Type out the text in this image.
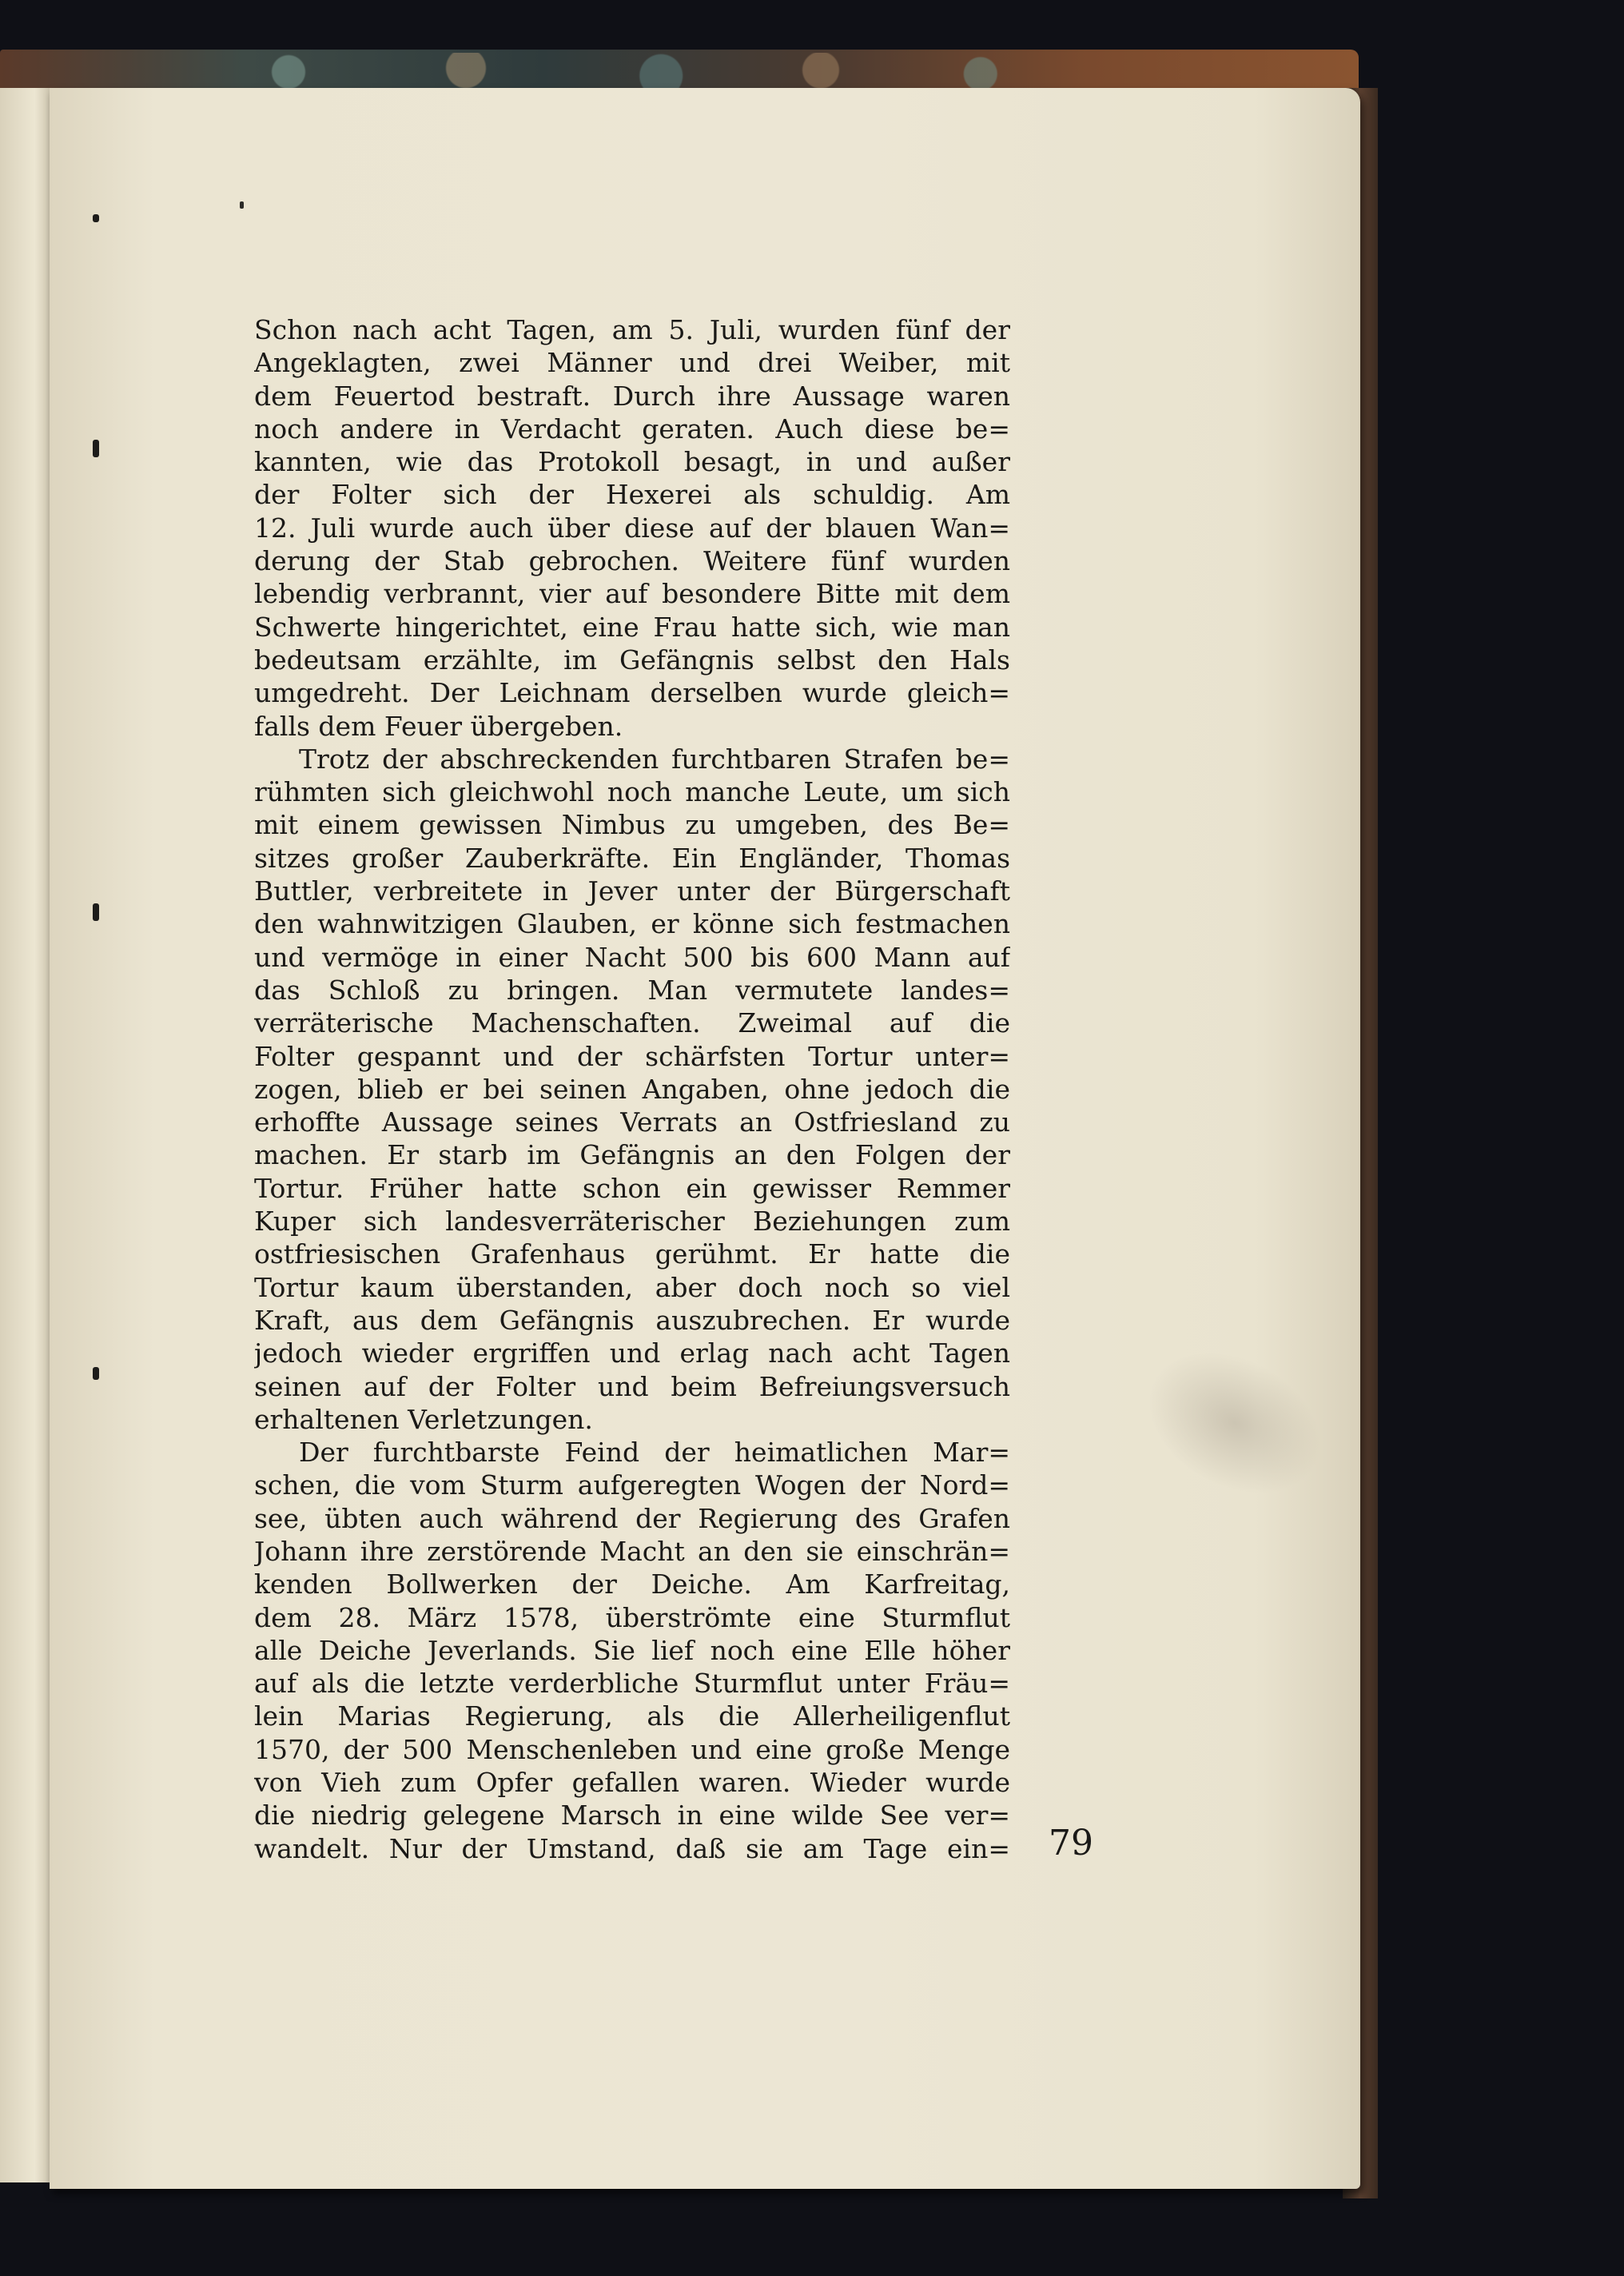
Schon nach acht Tagen, am 5. Juli, wurden fünf der
Angeklagten, zwei Männer und drei Weiber, mit
dem Feuertod bestraft. Durch ihre Aussage waren
noch andere in Verdacht geraten. Auch diese be=
kannten, wie das Protokoll besagt, in und außer
der Folter sich der Hexerei als schuldig. Am
12. Juli wurde auch über diese auf der blauen Wan=
derung der Stab gebrochen. Weitere fünf wurden
lebendig verbrannt, vier auf besondere Bitte mit dem
Schwerte hingerichtet, eine Frau hatte sich, wie man
bedeutsam erzählte, im Gefängnis selbst den Hals
umgedreht. Der Leichnam derselben wurde gleich=
falls dem Feuer übergeben.
Trotz der abschreckenden furchtbaren Strafen be=
rühmten sich gleichwohl noch manche Leute, um sich
mit einem gewissen Nimbus zu umgeben, des Be=
sitzes großer Zauberkräfte. Ein Engländer, Thomas
Buttler, verbreitete in Jever unter der Bürgerschaft
den wahnwitzigen Glauben, er könne sich festmachen
und vermöge in einer Nacht 500 bis 600 Mann auf
das Schloß zu bringen. Man vermutete landes=
verräterische Machenschaften. Zweimal auf die
Folter gespannt und der schärfsten Tortur unter=
zogen, blieb er bei seinen Angaben, ohne jedoch die
erhoffte Aussage seines Verrats an Ostfriesland zu
machen. Er starb im Gefängnis an den Folgen der
Tortur. Früher hatte schon ein gewisser Remmer
Kuper sich landesverräterischer Beziehungen zum
ostfriesischen Grafenhaus gerühmt. Er hatte die
Tortur kaum überstanden, aber doch noch so viel
Kraft, aus dem Gefängnis auszubrechen. Er wurde
jedoch wieder ergriffen und erlag nach acht Tagen
seinen auf der Folter und beim Befreiungsversuch
erhaltenen Verletzungen.
Der furchtbarste Feind der heimatlichen Mar=
schen, die vom Sturm aufgeregten Wogen der Nord=
see, übten auch während der Regierung des Grafen
Johann ihre zerstörende Macht an den sie einschrän=
kenden Bollwerken der Deiche. Am Karfreitag,
dem 28. März 1578, überströmte eine Sturmflut
alle Deiche Jeverlands. Sie lief noch eine Elle höher
auf als die letzte verderbliche Sturmflut unter Fräu=
lein Marias Regierung, als die Allerheiligenflut
1570, der 500 Menschenleben und eine große Menge
von Vieh zum Opfer gefallen waren. Wieder wurde
die niedrig gelegene Marsch in eine wilde See ver=
wandelt. Nur der Umstand, daß sie am Tage ein= 79
